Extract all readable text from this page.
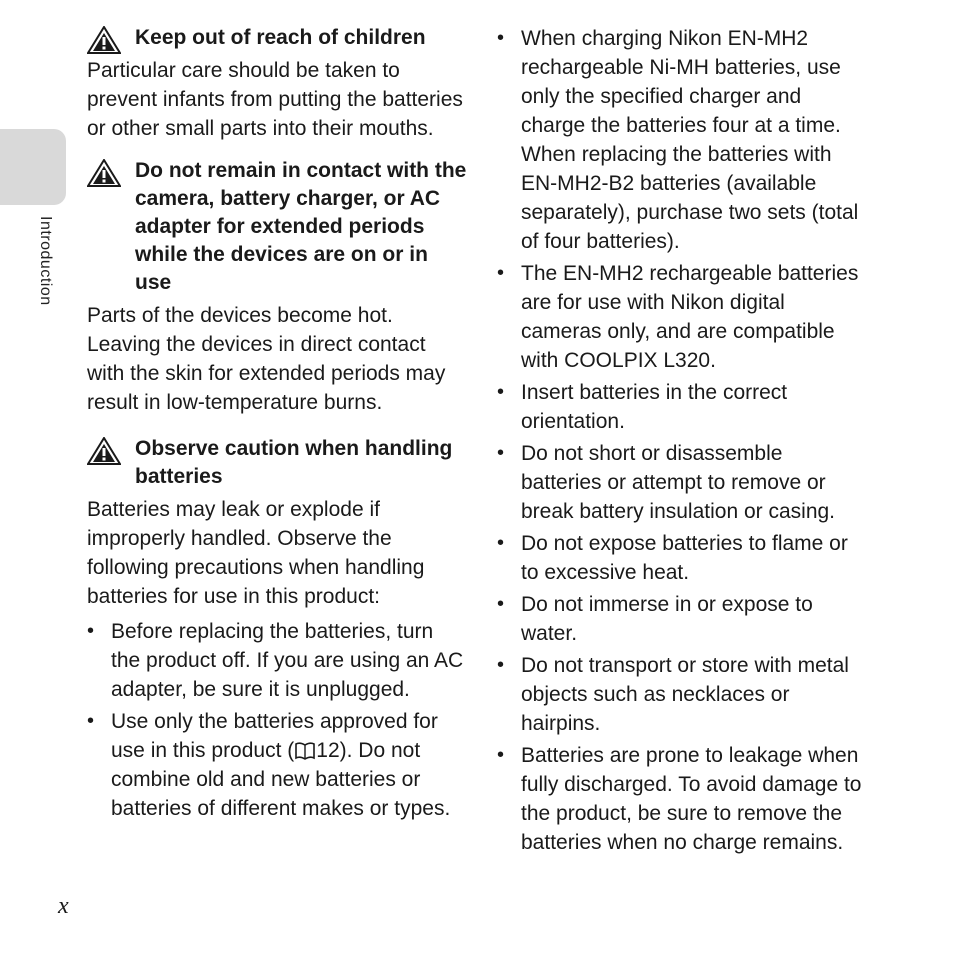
Introduction
Keep out of reach of children

Particular care should be taken to prevent infants from putting the batteries or other small parts into their mouths.

Do not remain in contact with the camera, battery charger, or AC adapter for extended periods while the devices are on or in use

Parts of the devices become hot. Leaving the devices in direct contact with the skin for extended periods may result in low-temperature burns.

Observe caution when handling batteries

Batteries may leak or explode if improperly handled. Observe the following precautions when handling batteries for use in this product:

• Before replacing the batteries, turn the product off. If you are using an AC adapter, be sure it is unplugged.
• Use only the batteries approved for use in this product ( 12). Do not combine old and new batteries or batteries of different makes or types.
• When charging Nikon EN-MH2 rechargeable Ni-MH batteries, use only the specified charger and charge the batteries four at a time. When replacing the batteries with EN-MH2-B2 batteries (available separately), purchase two sets (total of four batteries).
• The EN-MH2 rechargeable batteries are for use with Nikon digital cameras only, and are compatible with COOLPIX L320.
• Insert batteries in the correct orientation.
• Do not short or disassemble batteries or attempt to remove or break battery insulation or casing.
• Do not expose batteries to flame or to excessive heat.
• Do not immerse in or expose to water.
• Do not transport or store with metal objects such as necklaces or hairpins.
• Batteries are prone to leakage when fully discharged. To avoid damage to the product, be sure to remove the batteries when no charge remains.
x
